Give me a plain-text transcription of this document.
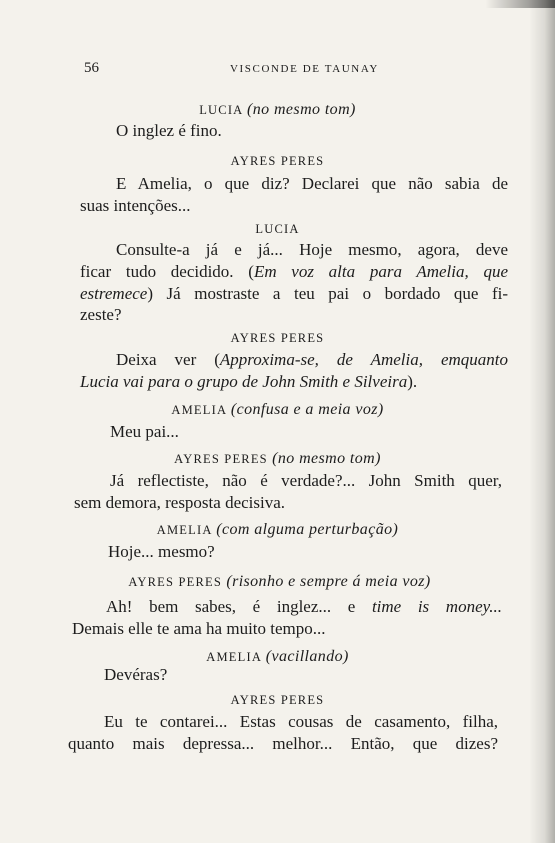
56	VISCONDE DE TAUNAY
LUCIA (no mesmo tom)
O inglez é fino.
AYRES PERES
E Amelia, o que diz? Declarei que não sabia de
suas intenções...
LUCIA
Consulte-a já e já... Hoje mesmo, agora, deve
ficar tudo decidido. (Em voz alta para Amelia, que
estremece) Já mostraste a teu pai o bordado que fi-
zeste?
AYRES PERES
Deixa ver (Approxima-se, de Amelia, emquanto
Lucia vai para o grupo de John Smith e Silveira).
AMELIA (confusa e a meia voz)
Meu pai...
AYRES PERES (no mesmo tom)
Já reflectiste, não é verdade?... John Smith quer,
sem demora, resposta decisiva.
AMELIA (com alguma perturbação)
Hoje... mesmo?
AYRES PERES (risonho e sempre á meia voz)
Ah! bem sabes, é inglez... e time is money...
Demais elle te ama ha muito tempo...
AMELIA (vacillando)
Devéras?
AYRES PERES
Eu te contarei... Estas cousas de casamento, filha,
quanto mais depressa... melhor... Então, que dizes?
